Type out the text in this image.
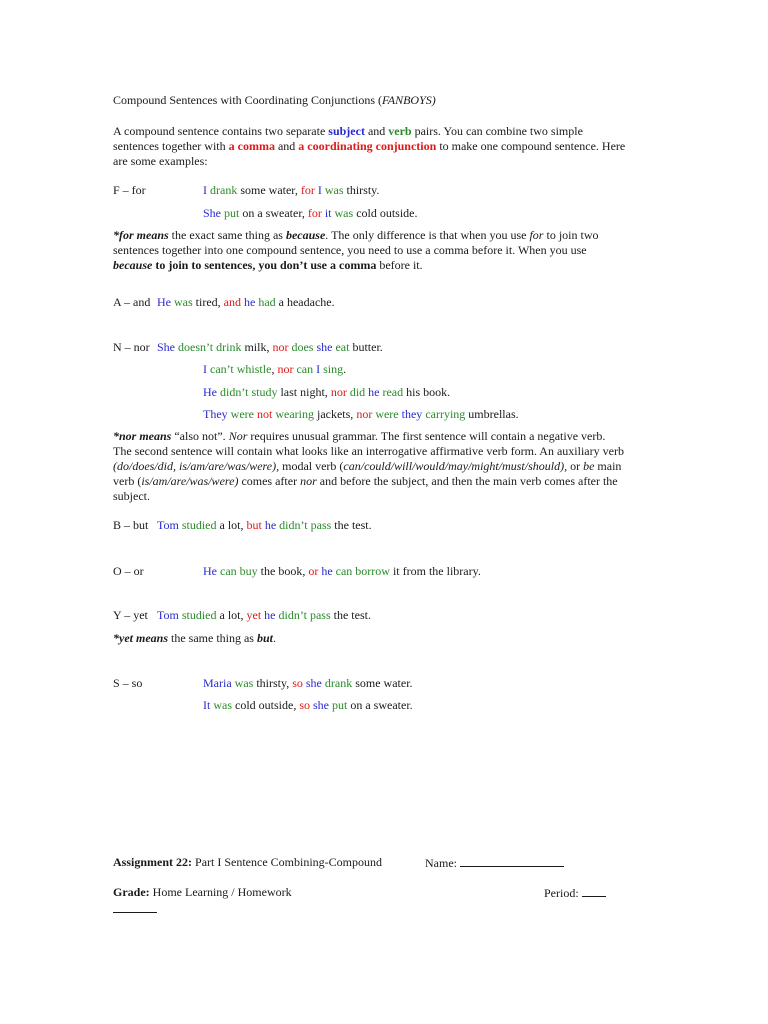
Compound Sentences with Coordinating Conjunctions (FANBOYS)
A compound sentence contains two separate subject and verb pairs. You can combine two simple
sentences together with a comma and a coordinating conjunction to make one compound sentence. Here
are some examples:
F – for	I drank some water, for I was thirsty.
She put on a sweater, for it was cold outside.
*for means the exact same thing as because. The only difference is that when you use for to join two
sentences together into one compound sentence, you need to use a comma before it. When you use
because to join to sentences, you don’t use a comma before it.
A – and He was tired, and he had a headache.
N – nor She doesn’t drink milk, nor does she eat butter.
I can’t whistle, nor can I sing.
He didn’t study last night, nor did he read his book.
They were not wearing jackets, nor were they carrying umbrellas.
*nor means “also not”. Nor requires unusual grammar. The first sentence will contain a negative verb.
The second sentence will contain what looks like an interrogative affirmative verb form. An auxiliary verb
(do/does/did, is/am/are/was/were), modal verb (can/could/will/would/may/might/must/should), or be main
verb (is/am/are/was/were) comes after nor and before the subject, and then the main verb comes after the
subject.
B – but Tom studied a lot, but he didn’t pass the test.
O – or	He can buy the book, or he can borrow it from the library.
Y – yet Tom studied a lot, yet he didn’t pass the test.
*yet means the same thing as but.
S – so	Maria was thirsty, so she drank some water.
It was cold outside, so she put on a sweater.
Assignment 22: Part I Sentence Combining-Compound	Name:
Grade: Home Learning / Homework	Period:
